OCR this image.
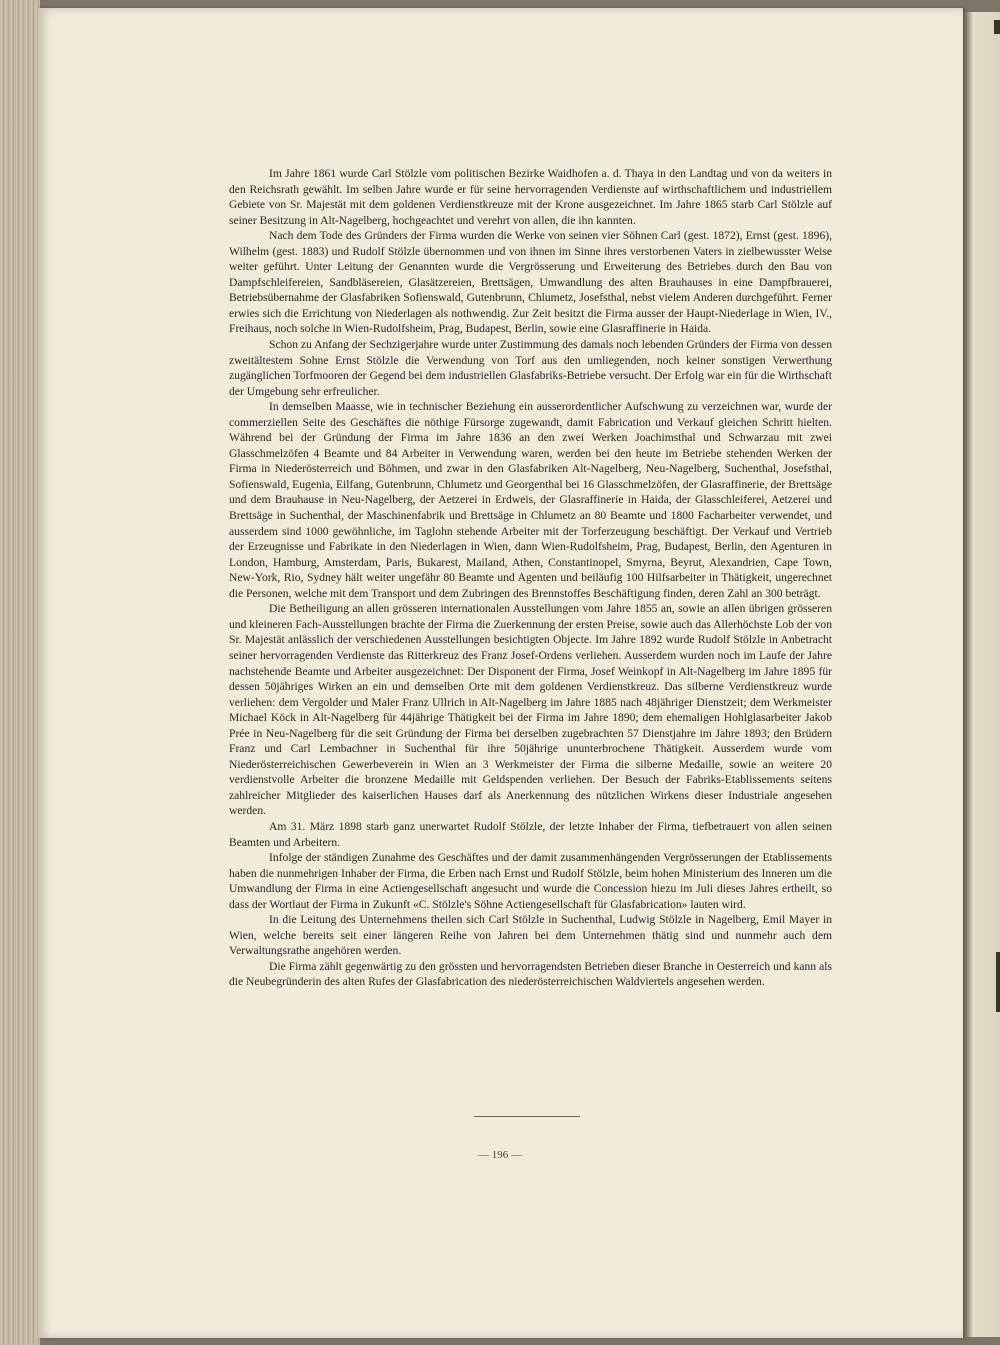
Im Jahre 1861 wurde Carl Stölzle vom politischen Bezirke Waidhofen a. d. Thaya in den Landtag und von da weiters in den Reichsrath gewählt. Im selben Jahre wurde er für seine hervorragenden Verdienste auf wirthschaftlichem und industriellem Gebiete von Sr. Majestät mit dem goldenen Verdienstkreuze mit der Krone ausgezeichnet. Im Jahre 1865 starb Carl Stölzle auf seiner Besitzung in Alt-Nagelberg, hochgeachtet und verehrt von allen, die ihn kannten.

Nach dem Tode des Gründers der Firma wurden die Werke von seinen vier Söhnen Carl (gest. 1872), Ernst (gest. 1896), Wilhelm (gest. 1883) und Rudolf Stölzle übernommen und von ihnen im Sinne ihres verstorbenen Vaters in zielbewusster Weise weiter geführt. Unter Leitung der Genannten wurde die Vergrösserung und Erweiterung des Betriebes durch den Bau von Dampfschleifereien, Sandbläsereien, Glasätzereien, Brettsägen, Umwandlung des alten Brauhauses in eine Dampfbrauerei, Betriebsübernahme der Glasfabriken Sofienswald, Gutenbrunn, Chlumetz, Josefsthal, nebst vielem Anderen durchgeführt. Ferner erwies sich die Errichtung von Niederlagen als nothwendig. Zur Zeit besitzt die Firma ausser der Haupt-Niederlage in Wien, IV., Freihaus, noch solche in Wien-Rudolfsheim, Prag, Budapest, Berlin, sowie eine Glasraffinerie in Haida.

Schon zu Anfang der Sechzigerjahre wurde unter Zustimmung des damals noch lebenden Gründers der Firma von dessen zweitältestem Sohne Ernst Stölzle die Verwendung von Torf aus den umliegenden, noch keiner sonstigen Verwerthung zugänglichen Torfmooren der Gegend bei dem industriellen Glasfabriks-Betriebe versucht. Der Erfolg war ein für die Wirthschaft der Umgebung sehr erfreulicher.

In demselben Maasse, wie in technischer Beziehung ein ausserordentlicher Aufschwung zu verzeichnen war, wurde der commerziellen Seite des Geschäftes die nöthige Fürsorge zugewandt, damit Fabrication und Verkauf gleichen Schritt hielten. Während bei der Gründung der Firma im Jahre 1836 an den zwei Werken Joachimsthal und Schwarzau mit zwei Glasschmelzöfen 4 Beamte und 84 Arbeiter in Verwendung waren, werden bei den heute im Betriebe stehenden Werken der Firma in Niederösterreich und Böhmen, und zwar in den Glasfabriken Alt-Nagelberg, Neu-Nagelberg, Suchenthal, Josefsthal, Sofienswald, Eugenia, Eilfang, Gutenbrunn, Chlumetz und Georgenthal bei 16 Glasschmelzöfen, der Glasraffinerie, der Brettsäge und dem Brauhause in Neu-Nagelberg, der Aetzerei in Erdweis, der Glasraffinerie in Haida, der Glasschleiferei, Aetzerei und Brettsäge in Suchenthal, der Maschinenfabrik und Brettsäge in Chlumetz an 80 Beamte und 1800 Facharbeiter verwendet, und ausserdem sind 1000 gewöhnliche, im Taglohn stehende Arbeiter mit der Torferzeugung beschäftigt. Der Verkauf und Vertrieb der Erzeugnisse und Fabrikate in den Niederlagen in Wien, dann Wien-Rudolfsheim, Prag, Budapest, Berlin, den Agenturen in London, Hamburg, Amsterdam, Paris, Bukarest, Mailand, Athen, Constantinopel, Smyrna, Beyrut, Alexandrien, Cape Town, New-York, Rio, Sydney hält weiter ungefähr 80 Beamte und Agenten und beiläufig 100 Hilfsarbeiter in Thätigkeit, ungerechnet die Personen, welche mit dem Transport und dem Zubringen des Brennstoffes Beschäftigung finden, deren Zahl an 300 beträgt.

Die Betheiligung an allen grösseren internationalen Ausstellungen vom Jahre 1855 an, sowie an allen übrigen grösseren und kleineren Fach-Ausstellungen brachte der Firma die Zuerkennung der ersten Preise, sowie auch das Allerhöchste Lob der von Sr. Majestät anlässlich der verschiedenen Ausstellungen besichtigten Objecte. Im Jahre 1892 wurde Rudolf Stölzle in Anbetracht seiner hervorragenden Verdienste das Ritterkreuz des Franz Josef-Ordens verliehen. Ausserdem wurden noch im Laufe der Jahre nachstehende Beamte und Arbeiter ausgezeichnet: Der Disponent der Firma, Josef Weinkopf in Alt-Nagelberg im Jahre 1895 für dessen 50jähriges Wirken an ein und demselben Orte mit dem goldenen Verdienstkreuz. Das silberne Verdienstkreuz wurde verliehen: dem Vergolder und Maler Franz Ullrich in Alt-Nagelberg im Jahre 1885 nach 48jähriger Dienstzeit; dem Werkmeister Michael Köck in Alt-Nagelberg für 44jährige Thätigkeit bei der Firma im Jahre 1890; dem ehemaligen Hohlglasarbeiter Jakob Prée in Neu-Nagelberg für die seit Gründung der Firma bei derselben zugebrachten 57 Dienstjahre im Jahre 1893; den Brüdern Franz und Carl Lembachner in Suchenthal für ihre 50jährige ununterbrochene Thätigkeit. Ausserdem wurde vom Niederösterreichischen Gewerbeverein in Wien an 3 Werkmeister der Firma die silberne Medaille, sowie an weitere 20 verdienstvolle Arbeiter die bronzene Medaille mit Geldspenden verliehen. Der Besuch der Fabriks-Etablissements seitens zahlreicher Mitglieder des kaiserlichen Hauses darf als Anerkennung des nützlichen Wirkens dieser Industriale angesehen werden.

Am 31. März 1898 starb ganz unerwartet Rudolf Stölzle, der letzte Inhaber der Firma, tiefbetrauert von allen seinen Beamten und Arbeitern.

Infolge der ständigen Zunahme des Geschäftes und der damit zusammenhängenden Vergrösserungen der Etablissements haben die nunmehrigen Inhaber der Firma, die Erben nach Ernst und Rudolf Stölzle, beim hohen Ministerium des Inneren um die Umwandlung der Firma in eine Actiengesellschaft angesucht und wurde die Concession hiezu im Juli dieses Jahres ertheilt, so dass der Wortlaut der Firma in Zukunft «C. Stölzle's Söhne Actiengesellschaft für Glasfabrication» lauten wird.

In die Leitung des Unternehmens theilen sich Carl Stölzle in Suchenthal, Ludwig Stölzle in Nagelberg, Emil Mayer in Wien, welche bereits seit einer längeren Reihe von Jahren bei dem Unternehmen thätig sind und nunmehr auch dem Verwaltungsrathe angehören werden.

Die Firma zählt gegenwärtig zu den grössten und hervorragendsten Betrieben dieser Branche in Oesterreich und kann als die Neubegründerin des alten Rufes der Glasfabrication des niederösterreichischen Waldviertels angesehen werden.

— 196 —
